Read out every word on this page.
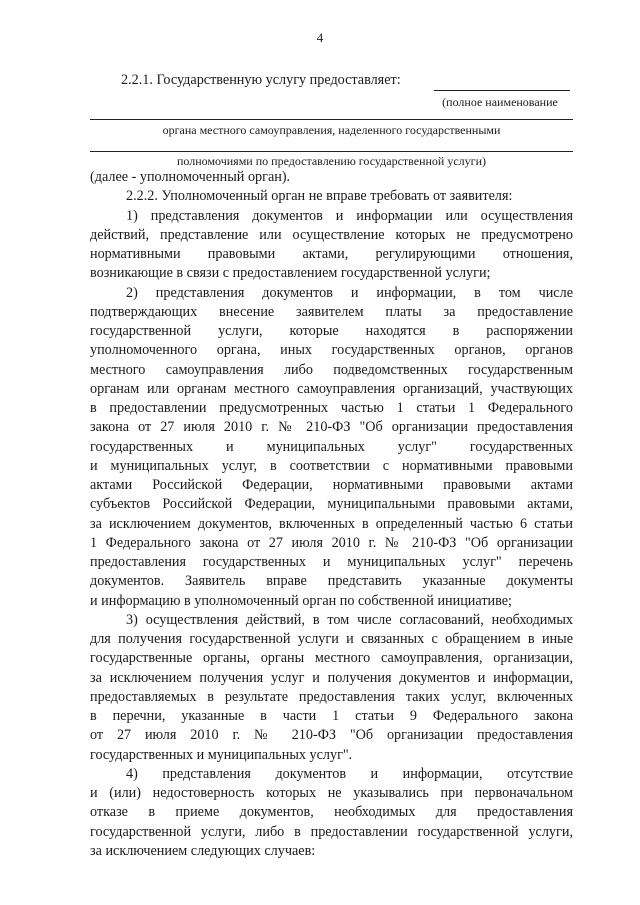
4
2.2.1. Государственную услугу предоставляет:
(полное наименование
органа местного самоуправления, наделенного государственными
полномочиями по предоставлению государственной услуги)
(далее - уполномоченный орган).
2.2.2. Уполномоченный орган не вправе требовать от заявителя:
1) представления документов и информации или осуществления
действий, представление или осуществление которых не предусмотрено
нормативными правовыми актами, регулирующими отношения,
возникающие в связи с предоставлением государственной услуги;
2) представления документов и информации, в том числе
подтверждающих внесение заявителем платы за предоставление
государственной услуги, которые находятся в распоряжении
уполномоченного органа, иных государственных органов, органов
местного самоуправления либо подведомственных государственным
органам или органам местного самоуправления организаций, участвующих
в предоставлении предусмотренных частью 1 статьи 1 Федерального
закона от 27 июля 2010 г. № 210-ФЗ "Об организации предоставления
государственных и муниципальных услуг" государственных
и муниципальных услуг, в соответствии с нормативными правовыми
актами Российской Федерации, нормативными правовыми актами
субъектов Российской Федерации, муниципальными правовыми актами,
за исключением документов, включенных в определенный частью 6 статьи
1 Федерального закона от 27 июля 2010 г. № 210-ФЗ "Об организации
предоставления государственных и муниципальных услуг" перечень
документов. Заявитель вправе представить указанные документы
и информацию в уполномоченный орган по собственной инициативе;
3) осуществления действий, в том числе согласований, необходимых
для получения государственной услуги и связанных с обращением в иные
государственные органы, органы местного самоуправления, организации,
за исключением получения услуг и получения документов и информации,
предоставляемых в результате предоставления таких услуг, включенных
в перечни, указанные в части 1 статьи 9 Федерального закона
от 27 июля 2010 г. № 210-ФЗ "Об организации предоставления
государственных и муниципальных услуг".
4) представления документов и информации, отсутствие
и (или) недостоверность которых не указывались при первоначальном
отказе в приеме документов, необходимых для предоставления
государственной услуги, либо в предоставлении государственной услуги,
за исключением следующих случаев:
